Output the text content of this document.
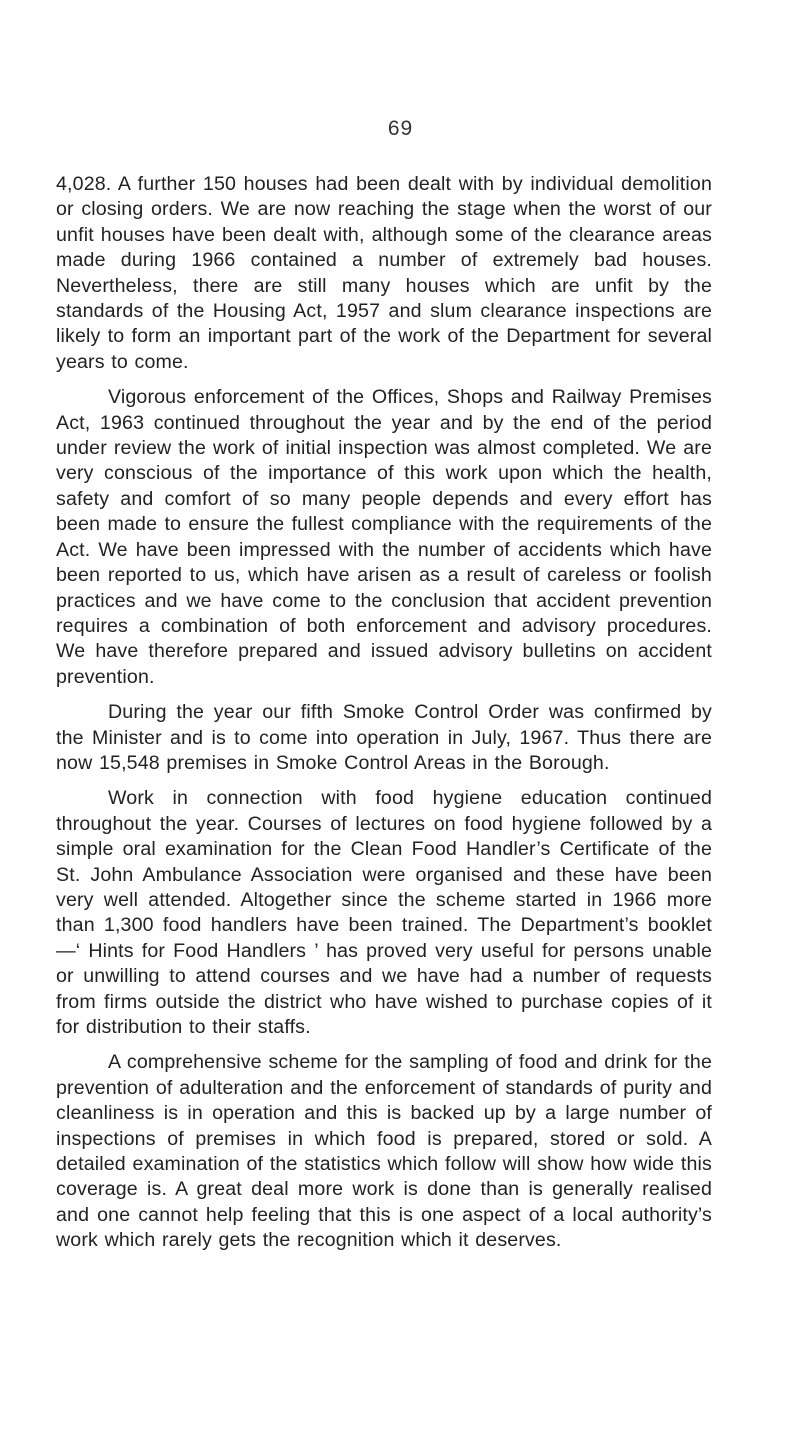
69

4,028. A further 150 houses had been dealt with by individual demolition or closing orders. We are now reaching the stage when the worst of our unfit houses have been dealt with, although some of the clearance areas made during 1966 contained a number of extremely bad houses. Nevertheless, there are still many houses which are unfit by the standards of the Housing Act, 1957 and slum clearance inspections are likely to form an important part of the work of the Department for several years to come.

Vigorous enforcement of the Offices, Shops and Railway Premises Act, 1963 continued throughout the year and by the end of the period under review the work of initial inspection was almost completed. We are very conscious of the importance of this work upon which the health, safety and comfort of so many people depends and every effort has been made to ensure the fullest compliance with the requirements of the Act. We have been impressed with the number of accidents which have been reported to us, which have arisen as a result of careless or foolish practices and we have come to the conclusion that accident prevention requires a combination of both enforcement and advisory procedures. We have therefore prepared and issued advisory bulletins on accident prevention.

During the year our fifth Smoke Control Order was confirmed by the Minister and is to come into operation in July, 1967. Thus there are now 15,548 premises in Smoke Control Areas in the Borough.

Work in connection with food hygiene education continued throughout the year. Courses of lectures on food hygiene followed by a simple oral examination for the Clean Food Handler’s Certificate of the St. John Ambulance Association were organised and these have been very well attended. Altogether since the scheme started in 1966 more than 1,300 food handlers have been trained. The Department’s booklet—‘ Hints for Food Handlers ’ has proved very useful for persons unable or unwilling to attend courses and we have had a number of requests from firms outside the district who have wished to purchase copies of it for distribution to their staffs.

A comprehensive scheme for the sampling of food and drink for the prevention of adulteration and the enforcement of standards of purity and cleanliness is in operation and this is backed up by a large number of inspections of premises in which food is prepared, stored or sold. A detailed examination of the statistics which follow will show how wide this coverage is. A great deal more work is done than is generally realised and one cannot help feeling that this is one aspect of a local authority’s work which rarely gets the recognition which it deserves.
